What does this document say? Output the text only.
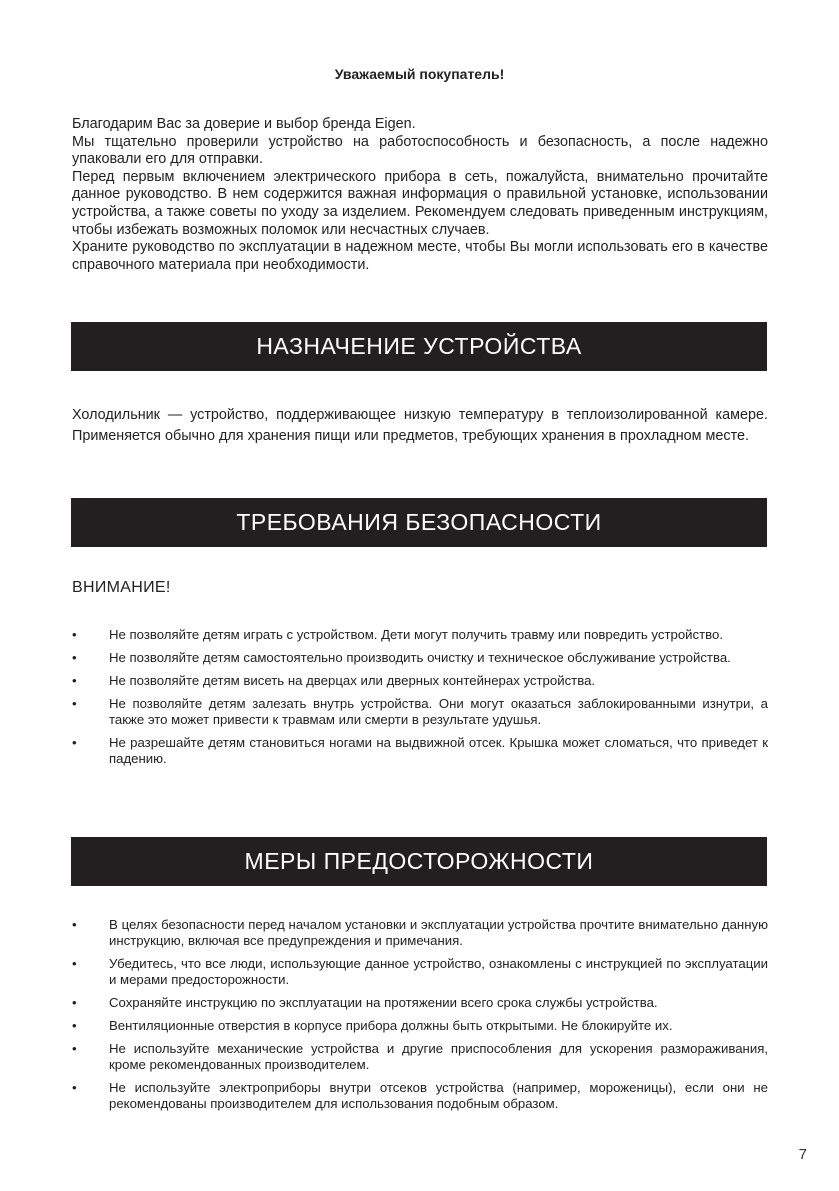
Уважаемый покупатель!

Благодарим Вас за доверие и выбор бренда Eigen.

Мы тщательно проверили устройство на работоспособность и безопасность, а после надежно упаковали его для отправки.

Перед первым включением электрического прибора в сеть, пожалуйста, внимательно прочитайте данное руководство. В нем содержится важная информация о правильной установке, использовании устройства, а также советы по уходу за изделием. Рекомендуем следовать приведенным инструкциям, чтобы избежать возможных поломок или несчастных случаев.

Храните руководство по эксплуатации в надежном месте, чтобы Вы могли использовать его в качестве справочного материала при необходимости.

НАЗНАЧЕНИЕ УСТРОЙСТВА

Холодильник — устройство, поддерживающее низкую температуру в теплоизолированной камере. Применяется обычно для хранения пищи или предметов, требующих хранения в прохладном месте.

ТРЕБОВАНИЯ БЕЗОПАСНОСТИ

ВНИМАНИЕ!

• Не позволяйте детям играть с устройством. Дети могут получить травму или повредить устройство.
• Не позволяйте детям самостоятельно производить очистку и техническое обслуживание устройства.
• Не позволяйте детям висеть на дверцах или дверных контейнерах устройства.
• Не позволяйте детям залезать внутрь устройства. Они могут оказаться заблокированными изнутри, а также это может привести к травмам или смерти в результате удушья.
• Не разрешайте детям становиться ногами на выдвижной отсек. Крышка может сломаться, что приведет к падению.
МЕРЫ ПРЕДОСТОРОЖНОСТИ
• В целях безопасности перед началом установки и эксплуатации устройства прочтите внимательно данную инструкцию, включая все предупреждения и примечания.
• Убедитесь, что все люди, использующие данное устройство, ознакомлены с инструкцией по эксплуатации и мерами предосторожности.
• Сохраняйте инструкцию по эксплуатации на протяжении всего срока службы устройства.
• Вентиляционные отверстия в корпусе прибора должны быть открытыми. Не блокируйте их.
• Не используйте механические устройства и другие приспособления для ускорения размораживания, кроме рекомендованных производителем.
• Не используйте электроприборы внутри отсеков устройства (например, мороженицы), если они не рекомендованы производителем для использования подобным образом.
7
